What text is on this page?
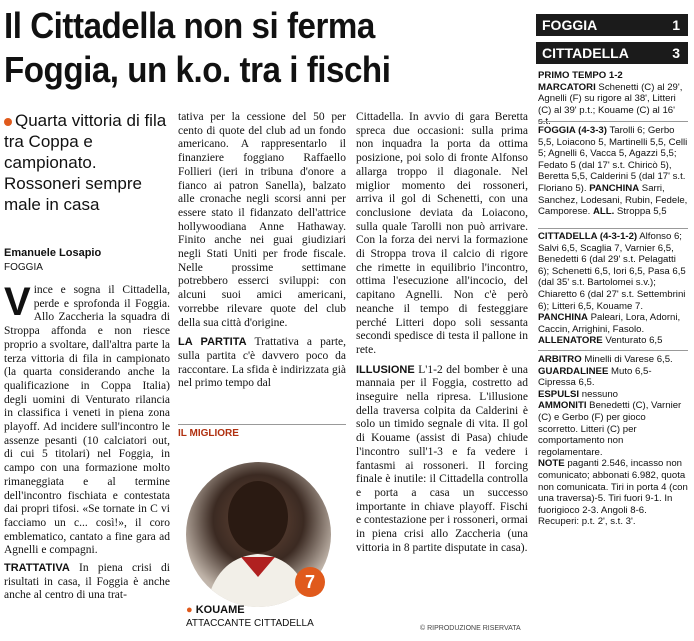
Il Cittadella non si ferma
Foggia, un k.o. tra i fischi
Quarta vittoria di fila tra Coppa e campionato. Rossoneri sempre male in casa
Emanuele Losapio
FOGGIA

Vince e sogna il Cittadella, perde e sprofonda il Foggia. Allo Zaccheria la squadra di Stroppa affonda e non riesce proprio a svoltare, dall'altra parte la terza vittoria di fila in campionato (la quarta considerando anche la qualificazione in Coppa Italia) degli uomini di Venturato rilancia in classifica i veneti in piena zona playoff. Ad incidere sull'incontro le assenze pesanti (10 calciatori out, di cui 5 titolari) nel Foggia, in campo con una formazione molto rimaneggiata e al termine dell'incontro fischiata e contestata dai propri tifosi. «Se tornate in C vi facciamo un c... così!», il coro emblematico, cantato a fine gara ad Agnelli e compagni.

TRATTATIVA In piena crisi di risultati in casa, il Foggia è anche anche al centro di una trat-

tativa per la cessione del 50 per cento di quote del club ad un fondo americano. A rappresentarlo il finanziere foggiano Raffaello Follieri (ieri in tribuna d'onore a fianco ai patron Sanella), balzato alle cronache negli scorsi anni per essere stato il fidanzato dell'attrice hollywoodiana Anne Hathaway. Finito anche nei guai giudiziari negli Stati Uniti per frode fiscale. Nelle prossime settimane potrebbero esserci sviluppi: con alcuni suoi amici americani, vorrebbe rilevare quote del club della sua città d'origine.

LA PARTITA Trattativa a parte, sulla partita c'è davvero poco da raccontare. La sfida è indirizzata già nel primo tempo dal

IL MIGLIORE
7
● KOUAME
ATTACCANTE CITTADELLA

Cittadella. In avvio di gara Beretta spreca due occasioni: sulla prima non inquadra la porta da ottima posizione, poi solo di fronte Alfonso allarga troppo il diagonale. Nel miglior momento dei rossoneri, arriva il gol di Schenetti, con una conclusione deviata da Loiacono, sulla quale Tarolli non può arrivare. Con la forza dei nervi la formazione di Stroppa trova il calcio di rigore che rimette in equilibrio l'incontro, ottima l'esecuzione all'incocio, del capitano Agnelli. Non c'è però neanche il tempo di festeggiare perché Litteri dopo soli sessanta secondi spedisce di testa il pallone in rete.

ILLUSIONE L'1-2 del bomber è una mannaia per il Foggia, costretto ad inseguire nella ripresa. L'illusione della traversa colpita da Calderini è solo un timido segnale di vita. Il gol di Kouame (assist di Pasa) chiude l'incontro sull'1-3 e fa vedere i fantasmi ai rossoneri. Il forcing finale è inutile: il Cittadella controlla e porta a casa un successo importante in chiave playoff. Fischi e contestazione per i rossoneri, ormai in piena crisi allo Zaccheria (una vittoria in 8 partite disputate in casa).

© RIPRODUZIONE RISERVATA
FOGGIA	1
CITTADELLA	3
PRIMO TEMPO 1-2
MARCATORI Schenetti (C) al 29', Agnelli (F) su rigore al 38', Litteri (C) al 39' p.t.; Kouame (C) al 16'
FOGGIA (4-3-3) Tarolli 6; Gerbo 5,5, Loiacono 5, Martinelli 5,5, Celli 5; Agnelli 6, Vacca 5, Agazzi 5,5; Fedato 5 (dal 17' s.t. Chiricò 5), Beretta 5,5, Calderini 5 (dal 17' s.t. Floriano 5). PANCHINA Sarri, Sanchez, Lodesani, Rubin, Fedele, Camporese. ALL. Stroppa 5,5
CITTADELLA (4-3-1-2) Alfonso 6; Salvi 6,5, Scaglia 7, Varnier 6,5, Benedetti 6 (dal 29' s.t. Pelagatti 6); Schenetti 6,5, Iori 6,5, Pasa 6,5 (dal 35' s.t. Bartolomei s.v.); Chiaretto 6 (dal 27' s.t. Settembrini 6); Litteri 6,5, Kouame 7. PANCHINA Paleari, Lora, Adorni, Caccin, Arrighini, Fasolo. ALLENATORE Venturato 6,5
ARBITRO Minelli di Varese 6,5.
GUARDALINEE Muto 6,5-Cipressa 6,5.
ESPULSI nessuno
AMMONITI Benedetti (C), Varnier (C) e Gerbo (F) per gioco scorretto. Litteri (C) per comportamento non regolamentare.
NOTE paganti 2.546, incasso non comunicato; abbonati 6.982, quota non comunicata. Tiri in porta 4 (con una traversa)-5. Tiri fuori 9-1. In fuorigioco 2-3. Angoli 8-6. Recuperi: p.t. 2', s.t. 3'.
